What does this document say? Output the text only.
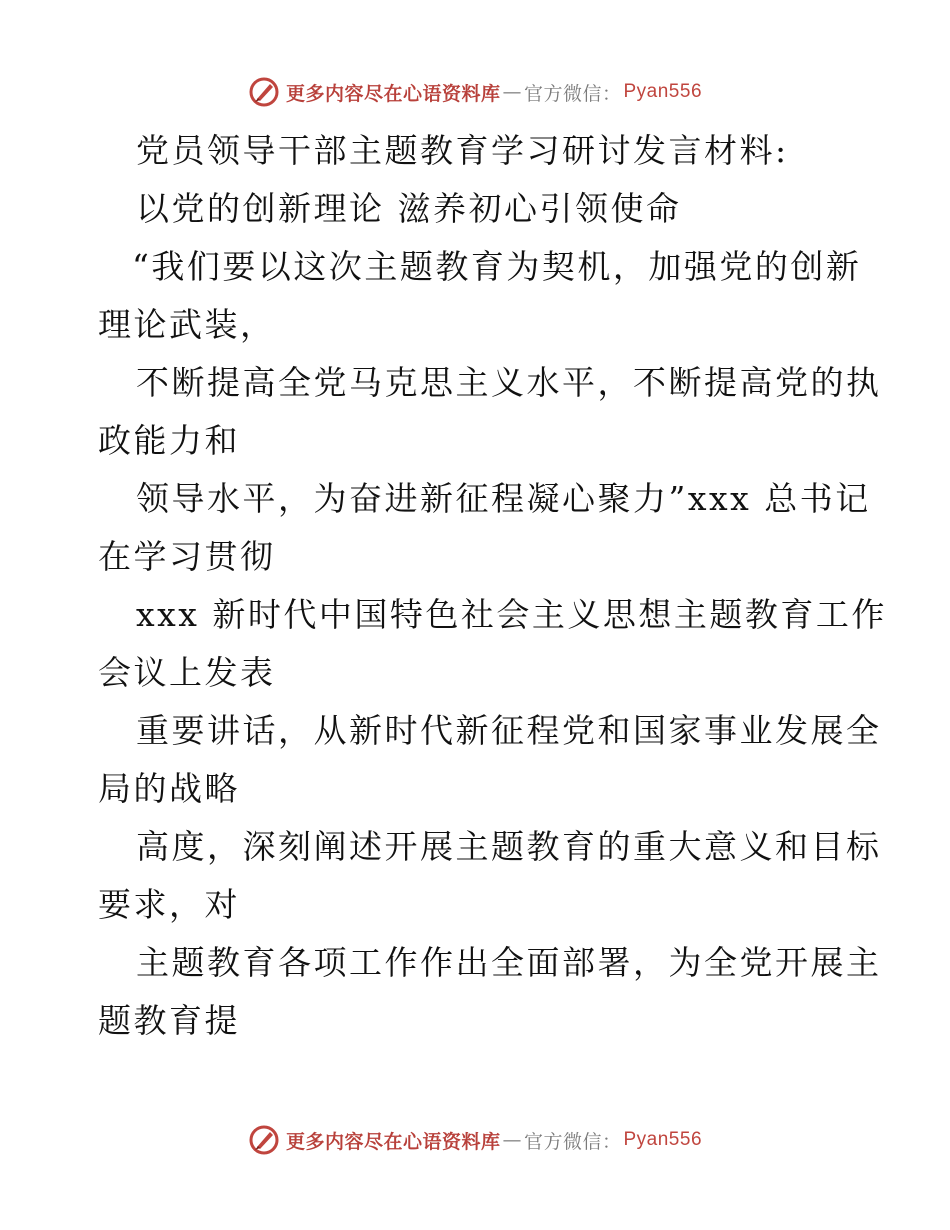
更多内容尽在心语资料库 — 官方微信： Pyan556
党员领导干部主题教育学习研讨发言材料:
以党的创新理论 滋养初心引领使命
“我们要以这次主题教育为契机，加强党的创新
理论武装，
不断提高全党马克思主义水平，不断提高党的执
政能力和
领导水平，为奋进新征程凝心聚力”xxx 总书记
在学习贯彻
xxx 新时代中国特色社会主义思想主题教育工作
会议上发表
重要讲话，从新时代新征程党和国家事业发展全
局的战略
高度，深刻阐述开展主题教育的重大意义和目标
要求，对
主题教育各项工作作出全面部署，为全党开展主
题教育提
更多内容尽在心语资料库 — 官方微信： Pyan556
